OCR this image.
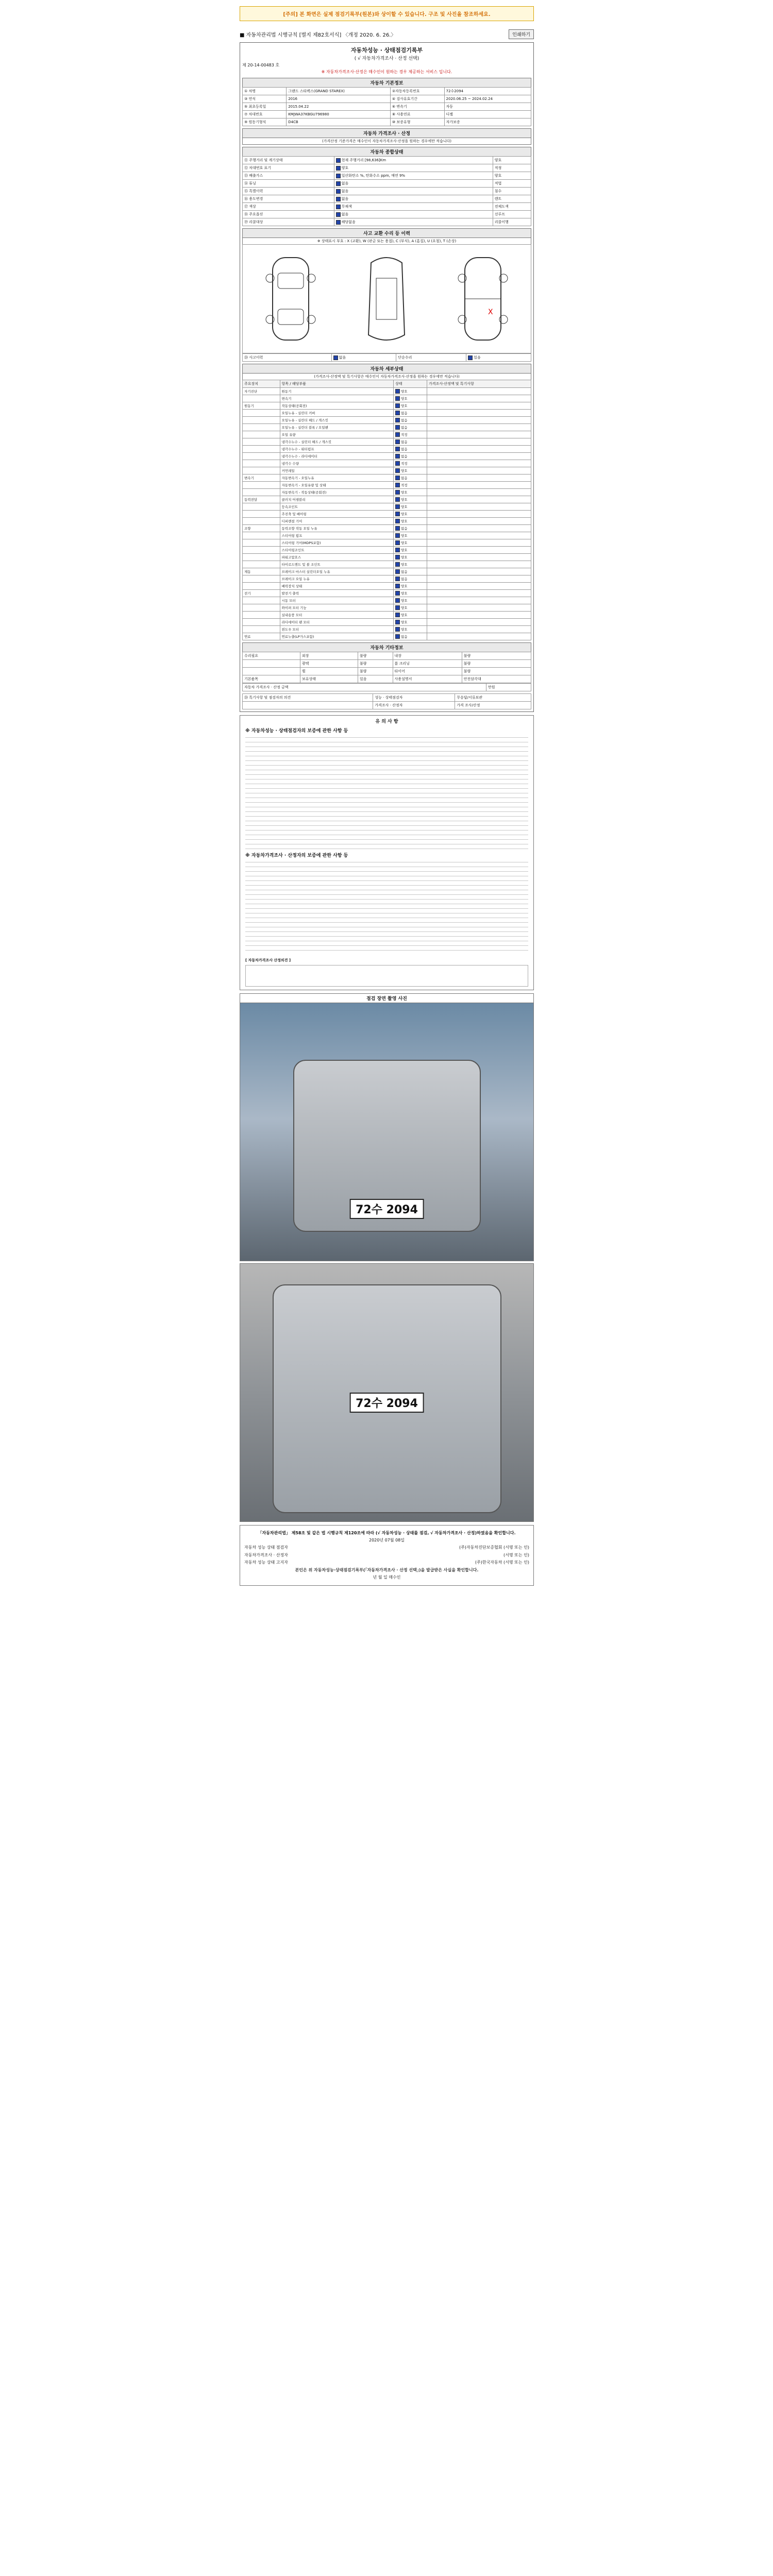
[주의] 본 화면은 실제 점검기록부(원본)와 상이할 수 있습니다. 구조 및 사진을 참조하세요.
■ 자동차관리법 시행규칙 [별지 제82호서식] 〈개정 2020. 6. 26.〉	인쇄하기
자동차성능 · 상태점검기록부
( √ 자동차가격조사 · 산정 선택)
제 20-14-00483 호
※ 자동차가격조사·산정은 매수인이 원하는 경우 제공하는 서비스 입니다.
자동차 기본정보
① 차명	그랜드 스타렉스(GRAND STAREX)	②자동차등록번호	72수2094
③ 연식	2016	④ 검사유효기간	2020.06.25 ~ 2024.02.24
⑤ 최초등록일	2015.04.22	⑥ 변속기	자동
⑦ 차대번호	KMJWA37KBGU796980	⑧ 사용연료	디젤
⑨ 원동기형식	D4CB	⑩ 보증유형	자가보증
자동차 가격조사 · 산정
(가격산정 기준가격은 매수인이 자동차가격조사·산정을 원하는 경우에만 적습니다)
자동차 종합상태
⑪ 주행거리 및 계기상태	현재 주행거리 [98,636]Km	양호
⑫ 차대번호 표기	양호	적정
⑬ 배출가스	일산화탄소 %, 탄화수소 ppm, 매연 9%	양호
⑭ 튜닝	없음	적법
⑮ 특별이력	없음	침수
⑯ 용도변경	없음	렌트
⑰ 색상	무채색	전체도색
⑱ 주요옵션	없음	선루프
⑲ 리콜대상	해당없음	리콜이행
사고 교환 수리 등 이력
※ 상태표시 부호 : X (교환), W (판금 또는 용접), C (부식), A (흠집), U (요철), T (손상)
X
⑳ 사고이력	없음	단순수리	있음
자동차 세부상태
(가격조사·산정액 및 특기사항은 매수인이 자동차가격조사·산정을 원하는 경우에만 적습니다)
주요장치	항목 / 해당부품	상태	가격조사·산정액 및 특기사항
자기진단	원동기	양호	
	변속기	양호	
원동기	작동상태(공회전)	양호	
	오일누유 - 실린더 커버	없음	
	오일누유 - 실린더 헤드 / 개스킷	없음	
	오일누유 - 실린더 블록 / 오일팬	없음	
	오일 유량	적정	
	냉각수누수 - 실린더 헤드 / 개스킷	없음	
	냉각수누수 - 워터펌프	없음	
	냉각수누수 - 라디에이터	없음	
	냉각수 수량	적정	
	커먼레일	양호	
변속기	자동변속기 - 오일누유	없음	
	자동변속기 - 오일유량 및 상태	적정	
	자동변속기 - 작동상태(공회전)	양호	
동력전달	클러치 어셈블리	양호	
	등속조인트	양호	
	추진축 및 베어링	양호	
	디퍼렌셜 기어	양호	
조향	동력조향 작동 오일 누유	없음	
	스티어링 펌프	양호	
	스티어링 기어(MDPS포함)	양호	
	스티어링조인트	양호	
	파워고압호스	양호	
	타이로드엔드 및 볼 조인트	양호	
제동	브레이크 마스터 실린더오일 누유	없음	
	브레이크 오일 누유	없음	
	배력장치 상태	양호	
전기	발전기 출력	양호	
	시동 모터	양호	
	와이퍼 모터 기능	양호	
	실내송풍 모터	양호	
	라디에이터 팬 모터	양호	
	윈도우 모터	양호	
연료	연료누출(LP가스포함)	없음	
자동차 기타정보
수리필요	외장	불량	내장	불량
	광택	불량	룸 크리닝	불량
	휠	불량	타이어	불량
기본품목	보유상태	있음	사용설명서	안전삼각대
자동차 가격조사 · 산정 금액	만원
⑳ 특기사항 및 점검자의 의견	성능 · 상태점검자	무응답/서류보관
	가격조사 · 산정자	가격 조사/산정
유 의 사 항
※ 자동차성능 · 상태점검자의 보증에 관한 사항 등
※ 자동차가격조사 · 산정자의 보증에 관한 사항 등
[ 자동차가격조사 산정의견 ]
점검 장면 촬영 사진
72수 2094
72수 2094
「자동차관리법」 제58조 및 같은 법 시행규칙 제120조에 따라 (√ 자동차성능 · 상태를 점검, √ 자동차가격조사 · 산정)하였음을 확인합니다.
2020년 07월 08일
자동차 성능 상태 점검자	(주)자동차진단보증협회 (서명 또는 인)
자동차가격조사 · 산정자	(서명 또는 인)
자동차 성능 상태 고지자	(주)한국자동차 (서명 또는 인)
본인은 위 자동차성능·상태점검기록부(「자동차가격조사 · 산정 선택」)을 발급받은 사실을 확인합니다.
년 월 일 매수인
